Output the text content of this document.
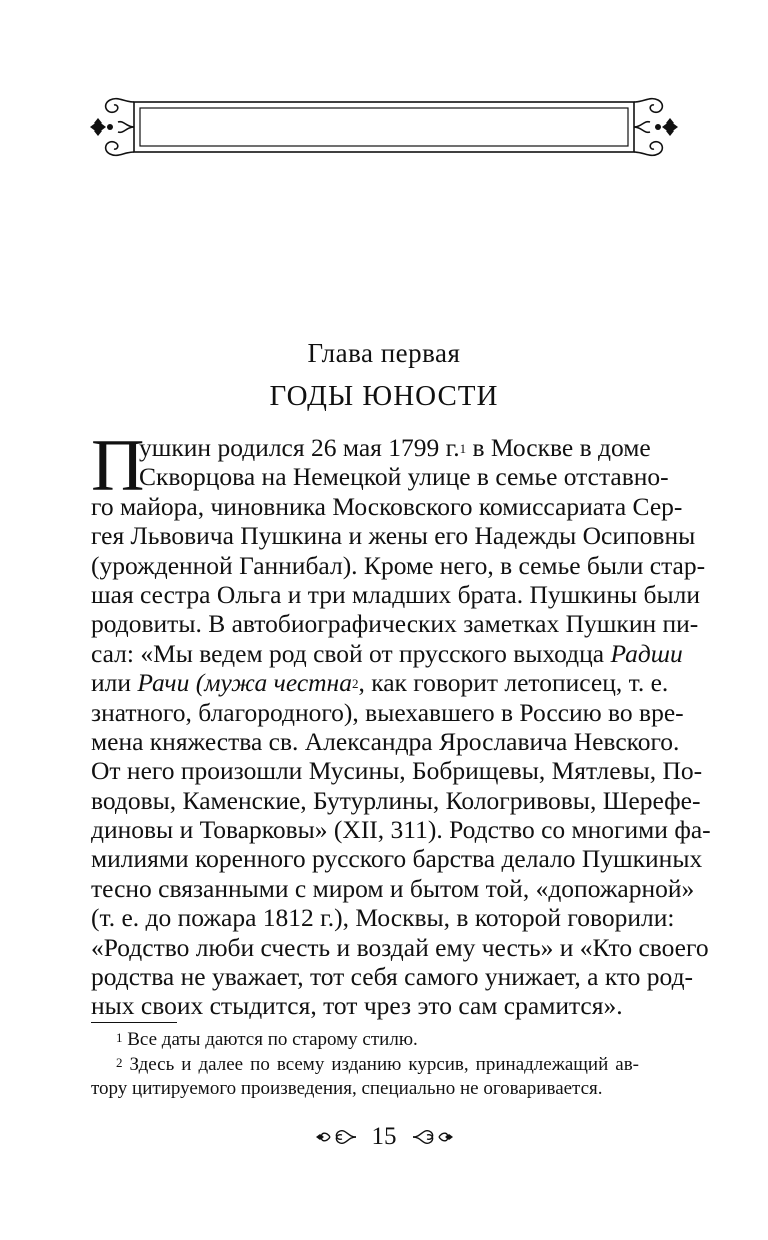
Глава первая
ГОДЫ ЮНОСТИ
П
ушкин родился 26 мая 1799 г.$^1$ в Москве в доме
Скворцова на Немецкой улице в семье отставно-
го майора, чиновника Московского комиссариата Сер-
гея Львовича Пушкина и жены его Надежды Осиповны
(урожденной Ганнибал). Кроме него, в семье были стар-
шая сестра Ольга и три младших брата. Пушкины были
родовиты. В автобиографических заметках Пушкин пи-
сал: «Мы ведем род свой от прусского выходца Радши
или Рачи (мужа честна$^2$, как говорит летописец, т. е.
знатного, благородного), выехавшего в Россию во вре-
мена княжества св. Александра Ярославича Невского.
От него произошли Мусины, Бобрищевы, Мятлевы, По-
водовы, Каменские, Бутурлины, Кологривовы, Шерефе-
диновы и Товарковы» (XII, 311). Родство со многими фа-
милиями коренного русского барства делало Пушкиных
тесно связанными с миром и бытом той, «допожарной»
(т. е. до пожара 1812 г.), Москвы, в которой говорили:
«Родство люби счесть и воздай ему честь» и «Кто своего
родства не уважает, тот себя самого унижает, а кто род-
ных своих стыдится, тот чрез это сам срамится».
$^1$ Все даты даются по старому стилю.
$^2$ Здесь и далее по всему изданию курсив, принадлежащий ав-
тору цитируемого произведения, специально не оговаривается.
15
